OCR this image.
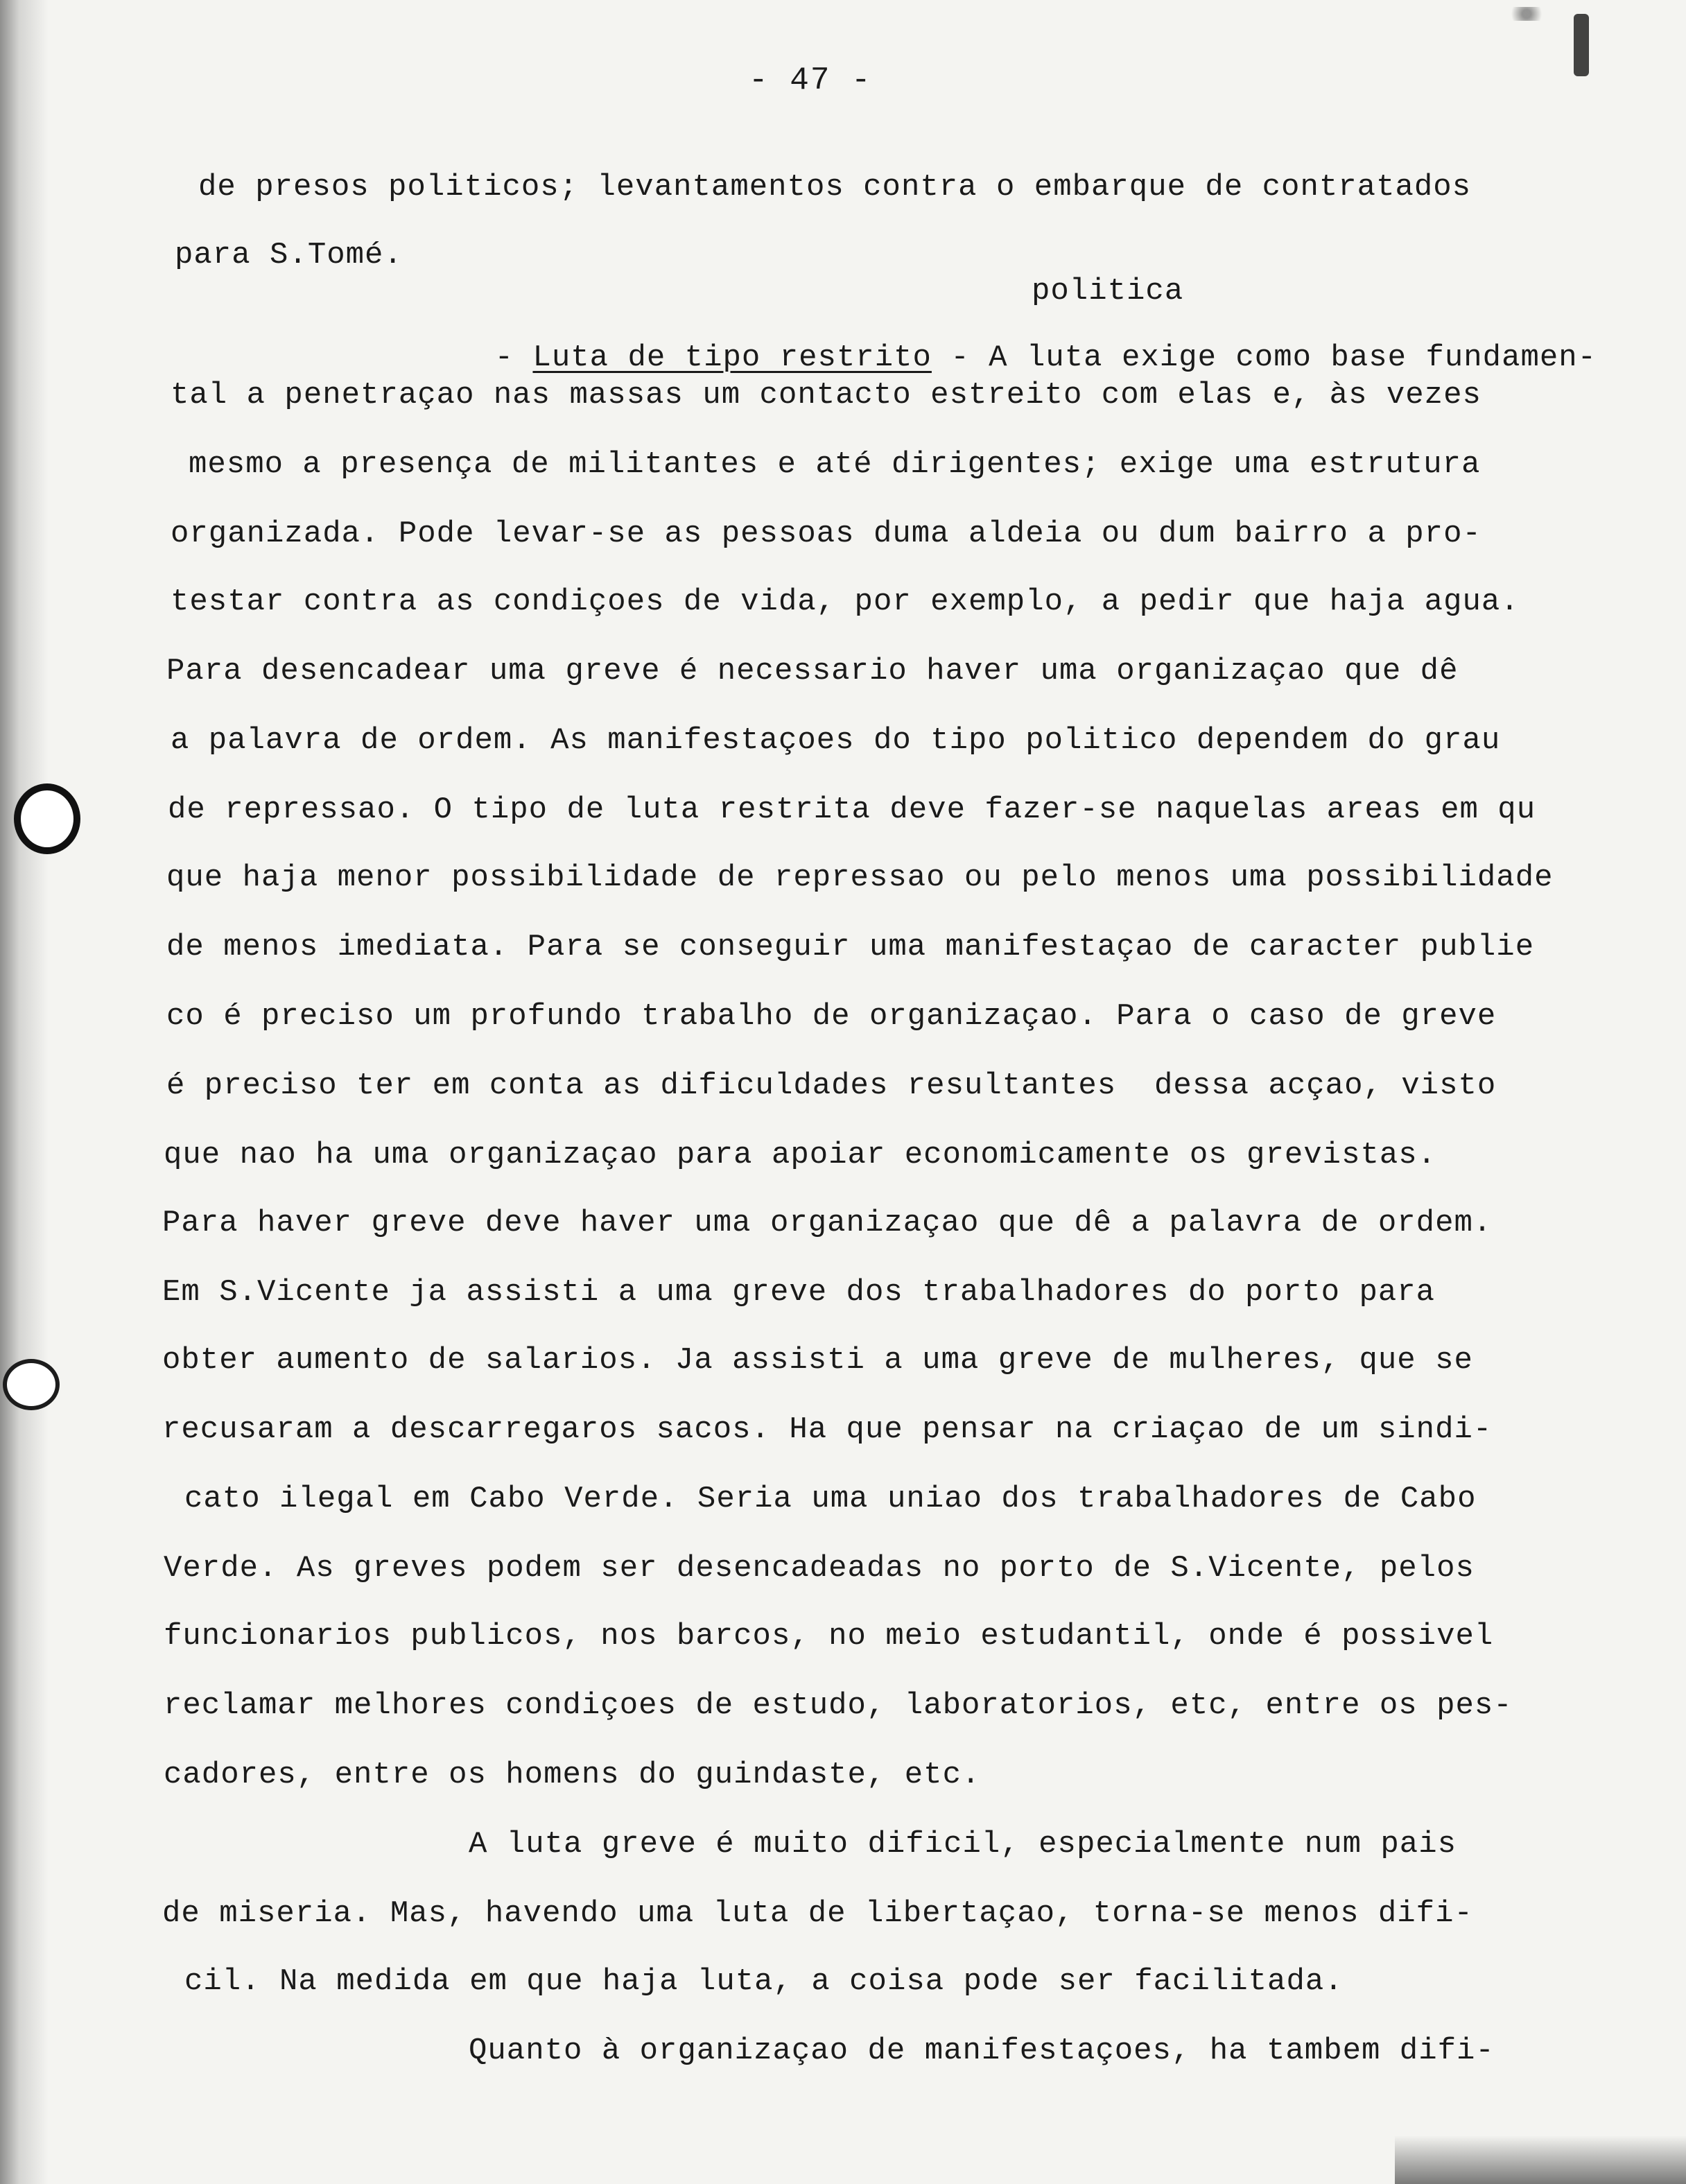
- 47 -
de presos politicos; levantamentos contra o embarque de contratados
para S.Tomé.
politica

- Luta de tipo restrito - A luta exige como base fundamen-

tal a penetraçao nas massas um contacto estreito com elas e, às vezes
mesmo a presença de militantes e até dirigentes; exige uma estrutura
organizada. Pode levar-se as pessoas duma aldeia ou dum bairro a pro-
testar contra as condiçoes de vida, por exemplo, a pedir que haja agua.
Para desencadear uma greve é necessario haver uma organizaçao que dê
a palavra de ordem. As manifestaçoes do tipo politico dependem do grau
de repressao. O tipo de luta restrita deve fazer-se naquelas areas em qu
que haja menor possibilidade de repressao ou pelo menos uma possibilidade
de menos imediata. Para se conseguir uma manifestaçao de caracter publie
co é preciso um profundo trabalho de organizaçao. Para o caso de greve
é preciso ter em conta as dificuldades resultantes  dessa acçao, visto
que nao ha uma organizaçao para apoiar economicamente os grevistas.
Para haver greve deve haver uma organizaçao que dê a palavra de ordem.
Em S.Vicente ja assisti a uma greve dos trabalhadores do porto para
obter aumento de salarios. Ja assisti a uma greve de mulheres, que se
recusaram a descarregaros sacos. Ha que pensar na criaçao de um sindi-
cato ilegal em Cabo Verde. Seria uma uniao dos trabalhadores de Cabo
Verde. As greves podem ser desencadeadas no porto de S.Vicente, pelos
funcionarios publicos, nos barcos, no meio estudantil, onde é possivel
reclamar melhores condiçoes de estudo, laboratorios, etc, entre os pes-
cadores, entre os homens do guindaste, etc.
A luta greve é muito dificil, especialmente num pais
de miseria. Mas, havendo uma luta de libertaçao, torna-se menos difi-
cil. Na medida em que haja luta, a coisa pode ser facilitada.
Quanto à organizaçao de manifestaçoes, ha tambem difi-
